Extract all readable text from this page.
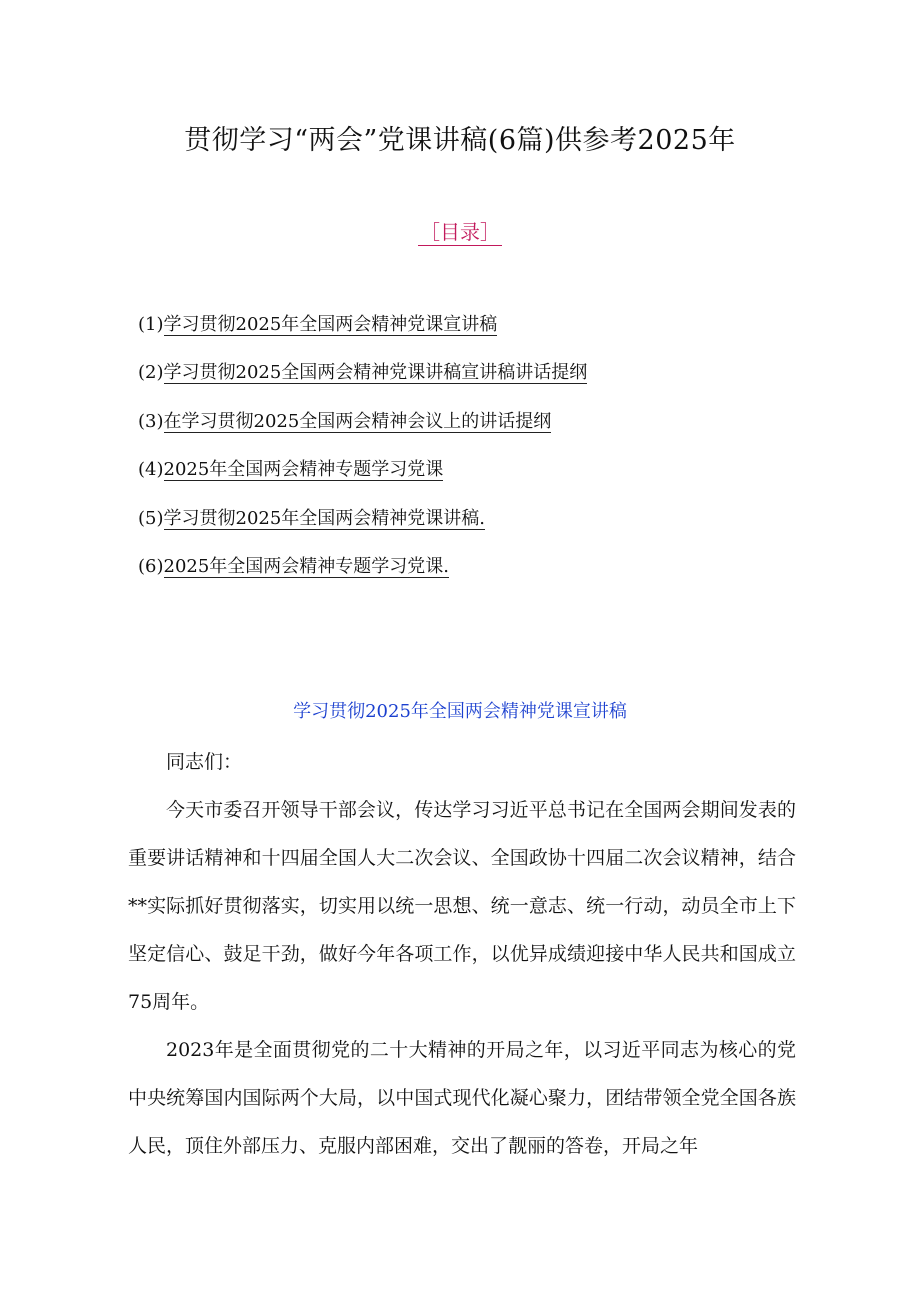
贯彻学习“两会”党课讲稿(6篇)供参考2025年
［目录］
(1)学习贯彻2025年全国两会精神党课宣讲稿
(2)学习贯彻2025全国两会精神党课讲稿宣讲稿讲话提纲
(3)在学习贯彻2025全国两会精神会议上的讲话提纲
(4)2025年全国两会精神专题学习党课
(5)学习贯彻2025年全国两会精神党课讲稿.
(6)2025年全国两会精神专题学习党课.
学习贯彻2025年全国两会精神党课宣讲稿

同志们：

今天市委召开领导干部会议，传达学习习近平总书记在全国两会期间发表的重要讲话精神和十四届全国人大二次会议、全国政协十四届二次会议精神，结合**实际抓好贯彻落实，切实用以统一思想、统一意志、统一行动，动员全市上下坚定信心、鼓足干劲，做好今年各项工作，以优异成绩迎接中华人民共和国成立75周年。

2023年是全面贯彻党的二十大精神的开局之年，以习近平同志为核心的党中央统筹国内国际两个大局，以中国式现代化凝心聚力，团结带领全党全国各族人民，顶住外部压力、克服内部困难，交出了靓丽的答卷，开局之年
